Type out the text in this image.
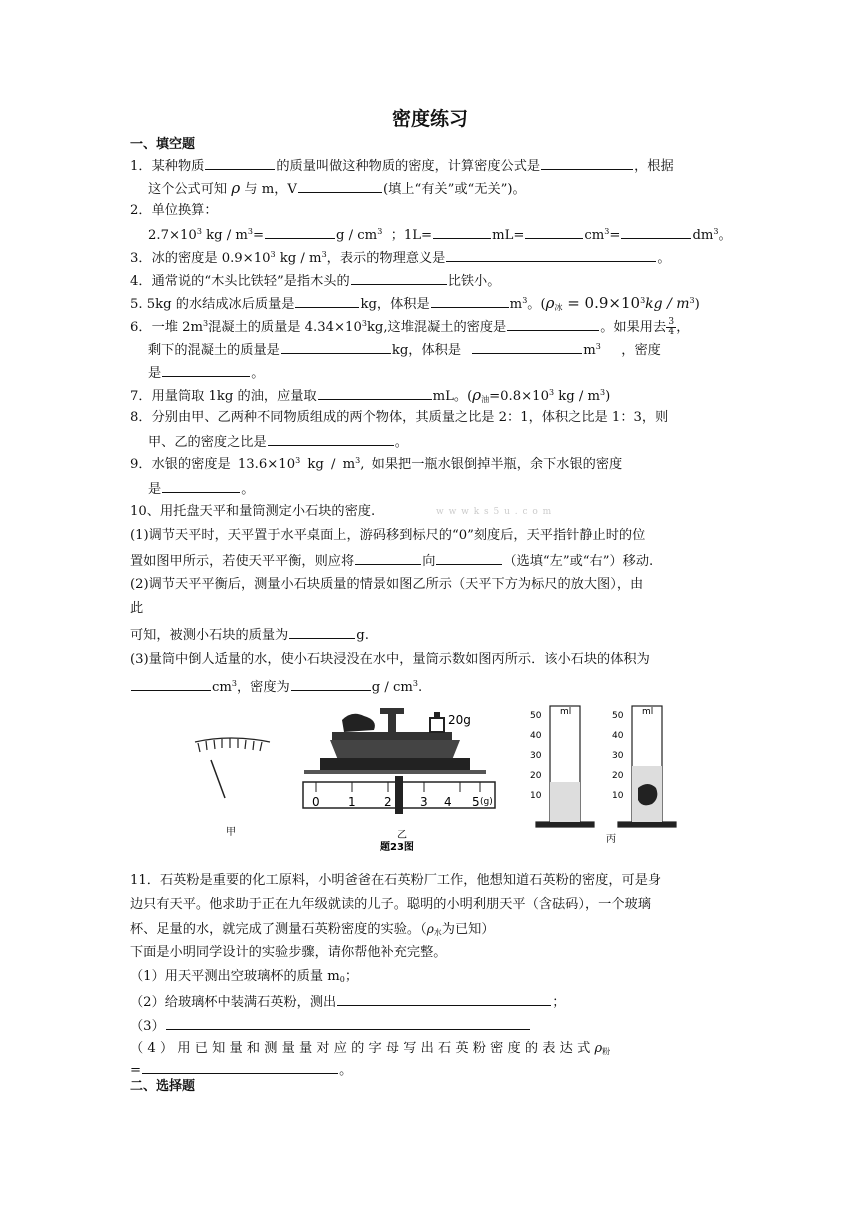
密度练习
一、填空题
1．某种物质	的质量叫做这种物质的密度，计算密度公式是	，根据
这个公式可知 ρ 与 m，V	(填上“有关”或“无关”)。
2．单位换算：
$2.7\times 10^3$ kg / $m^3=$	g / $cm^3$ ；1L=	mL=	$cm^3=$	$dm^3$。
3．冰的密度是 $0.9\times 10^3$ kg / $m^3$，表示的物理意义是	。
4．通常说的“木头比铁轻”是指木头的	比铁小。
5. 5kg 的水结成冰后质量是	kg，体积是	$m^3$。$(\rho_冰 = 0.9\times 10^3kg / m^3)$
6．一堆 $2m^3$混凝土的质量是 $4.34\times 10^3kg$,这堆混凝土的密度是	。如果用去 $\frac{3}{4}$ ，
剩下的混凝土的质量是	kg，体积是	$m^3$ ，密度
是	。
7．用量筒取 1kg 的油，应量取	mL。($\rho_油=0.8\times 10^3$ kg / $m^3$)
8．分别由甲、乙两种不同物质组成的两个物体，其质量之比是 2：1，体积之比是 1：3，则
甲、乙的密度之比是	。
9．水银的密度是 $13.6\times 10^3$ kg / $m^3$, 如果把一瓶水银倒掉半瓶，余下水银的密度
是	。
10、用托盘天平和量筒测定小石块的密度.	w w w k s 5 u . c o m
(1)调节天平时，天平置于水平桌面上，游码移到标尺的“0”刻度后，天平指针静止时的位
置如图甲所示，若使天平平衡，则应将	向	（选填“左”或“右”）移动.
(2)调节天平平衡后，测量小石块质量的情景如图乙所示（天平下方为标尺的放大图），由
此
可知，被测小石块的质量为	g.
(3)量筒中倒人适量的水，使小石块浸没在水中，量筒示数如图丙所示．该小石块的体积为
$cm^3$，密度为	g / $cm^3$.
甲
20g
0 1 2 3 4 5 (g)
乙
题23图
50
40
30
20
10
ml	50
40
30
20
10
ml
丙
11．石英粉是重要的化工原料，小明爸爸在石英粉厂工作，他想知道石英粉的密度，可是身
边只有天平。他求助于正在九年级就读的儿子。聪明的小明利朋天平（含砝码），一个玻璃
杯、足量的水，就完成了测量石英粉密度的实验。（$\rho_水$为已知）
下面是小明同学设计的实验步骤，请你帮他补充完整。
（1）用天平测出空玻璃杯的质量 $m_0$；
（2）给玻璃杯中装满石英粉，测出	；
（3）
（ 4 ） 用 已 知 量 和 测 量 量 对 应 的 字 母 写 出 石 英 粉 密 度 的 表 达 式 $\rho_粉$
=	。
二、选择题
